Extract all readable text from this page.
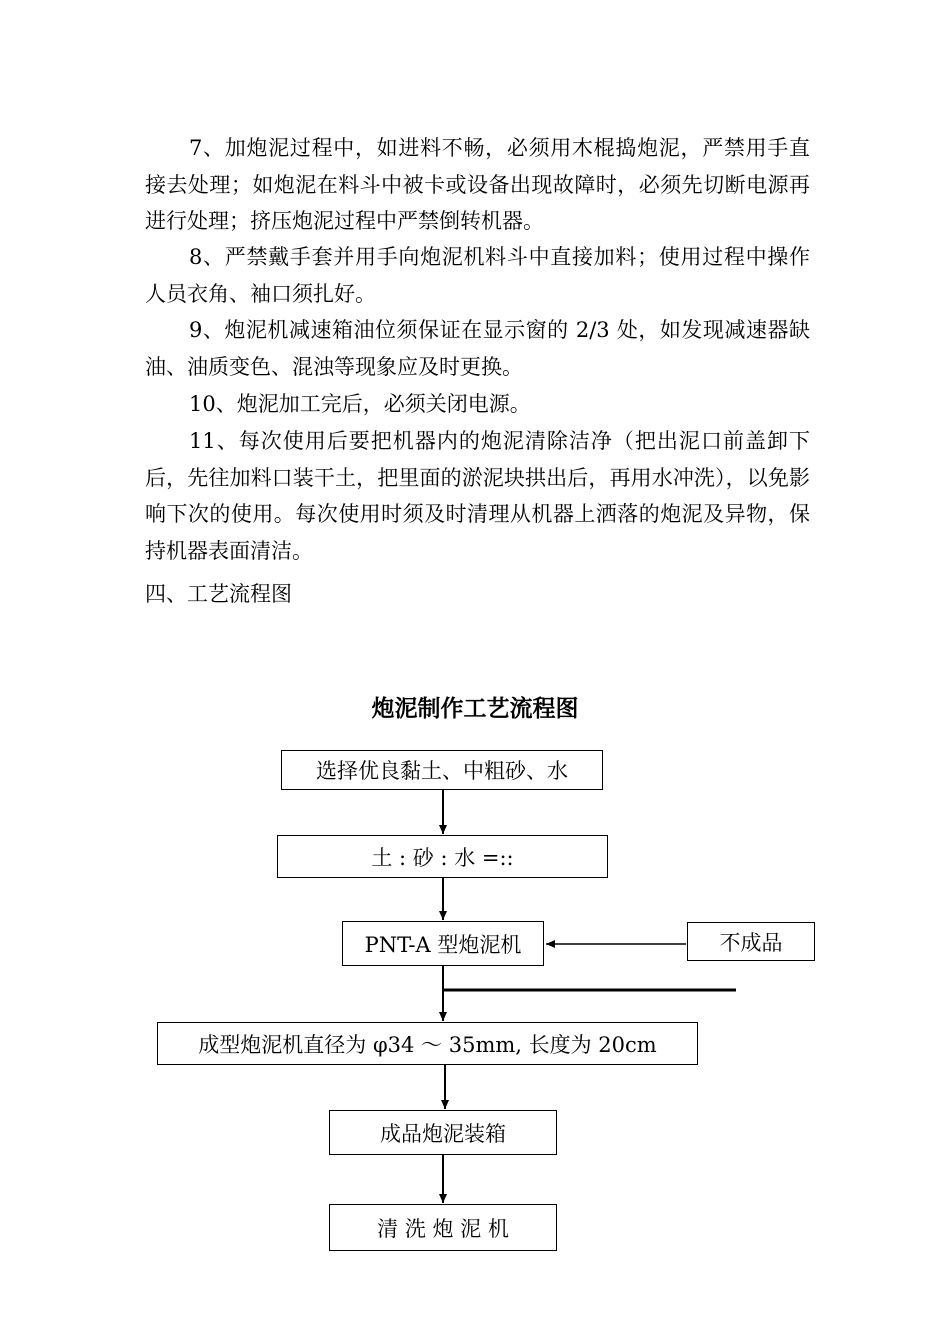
7、加炮泥过程中，如进料不畅，必须用木棍捣炮泥，严禁用手直接去处理；如炮泥在料斗中被卡或设备出现故障时，必须先切断电源再进行处理；挤压炮泥过程中严禁倒转机器。

8、严禁戴手套并用手向炮泥机料斗中直接加料；使用过程中操作人员衣角、袖口须扎好。

9、炮泥机减速箱油位须保证在显示窗的 2/3 处，如发现减速器缺油、油质变色、混浊等现象应及时更换。

10、炮泥加工完后，必须关闭电源。

11、每次使用后要把机器内的炮泥清除洁净（把出泥口前盖卸下后，先往加料口装干土，把里面的淤泥块拱出后，再用水冲洗），以免影响下次的使用。每次使用时须及时清理从机器上洒落的炮泥及异物，保持机器表面清洁。

四、工艺流程图

炮泥制作工艺流程图

选择优良黏土、中粗砂、水
土 : 砂 : 水 =::
PNT-A 型炮泥机	不成品
成型炮泥机直径为 φ34 ～ 35mm, 长度为 20cm
成品炮泥装箱
清 洗 炮 泥 机
